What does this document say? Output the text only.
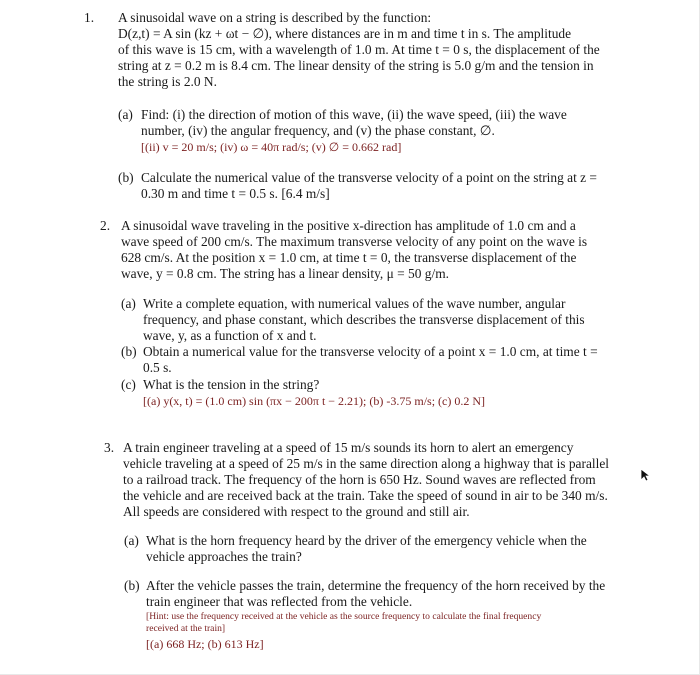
1. A sinusoidal wave on a string is described by the function:
D(z,t) = A sin (kz + ωt − ∅), where distances are in m and time t in s. The amplitude
of this wave is 15 cm, with a wavelength of 1.0 m. At time t = 0 s, the displacement of the
string at z = 0.2 m is 8.4 cm. The linear density of the string is 5.0 g/m and the tension in
the string is 2.0 N.
(a) Find: (i) the direction of motion of this wave, (ii) the wave speed, (iii) the wave
number, (iv) the angular frequency, and (v) the phase constant, ∅.
[(ii) v = 20 m/s; (iv) ω = 40π rad/s; (v) ∅ = 0.662 rad]
(b) Calculate the numerical value of the transverse velocity of a point on the string at z =
0.30 m and time t = 0.5 s. [6.4 m/s]
2. A sinusoidal wave traveling in the positive x-direction has amplitude of 1.0 cm and a
wave speed of 200 cm/s. The maximum transverse velocity of any point on the wave is
628 cm/s. At the position x = 1.0 cm, at time t = 0, the transverse displacement of the
wave, y = 0.8 cm. The string has a linear density, μ = 50 g/m.
(a) Write a complete equation, with numerical values of the wave number, angular
frequency, and phase constant, which describes the transverse displacement of this
wave, y, as a function of x and t.
(b) Obtain a numerical value for the transverse velocity of a point x = 1.0 cm, at time t =
0.5 s.
(c) What is the tension in the string?
[(a) y(x, t) = (1.0 cm) sin (πx − 200π t − 2.21); (b) -3.75 m/s; (c) 0.2 N]
3. A train engineer traveling at a speed of 15 m/s sounds its horn to alert an emergency
vehicle traveling at a speed of 25 m/s in the same direction along a highway that is parallel
to a railroad track. The frequency of the horn is 650 Hz. Sound waves are reflected from
the vehicle and are received back at the train. Take the speed of sound in air to be 340 m/s.
All speeds are considered with respect to the ground and still air.
(a) What is the horn frequency heard by the driver of the emergency vehicle when the
vehicle approaches the train?
(b) After the vehicle passes the train, determine the frequency of the horn received by the
train engineer that was reflected from the vehicle.
[Hint: use the frequency received at the vehicle as the source frequency to calculate the final frequency
received at the train]
[(a) 668 Hz; (b) 613 Hz]
